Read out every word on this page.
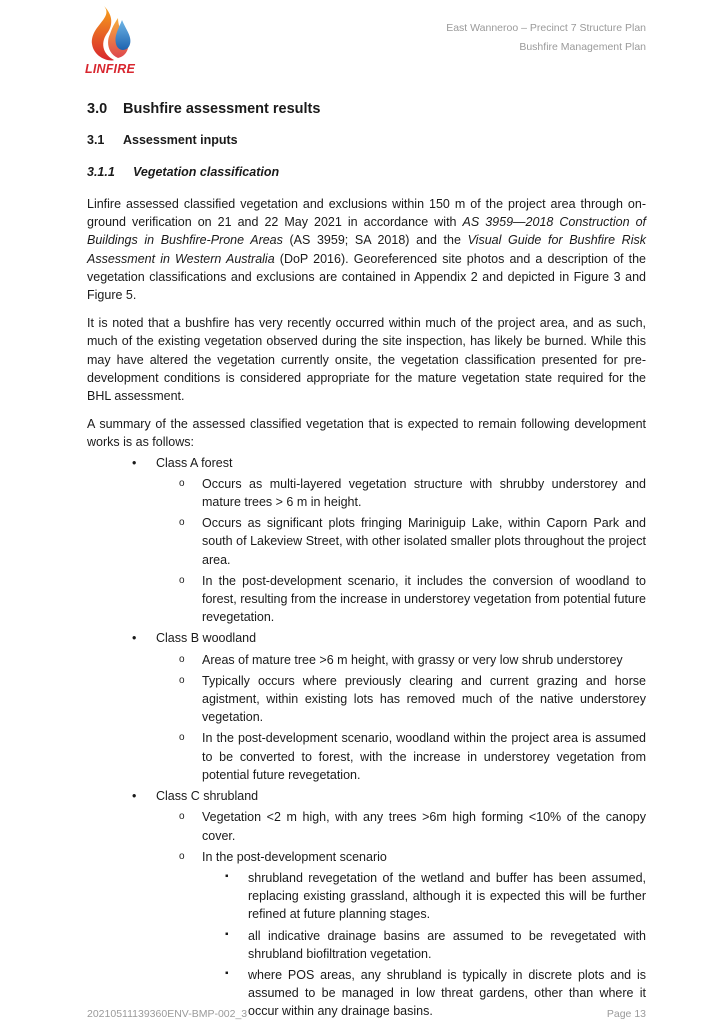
LINFIRE
East Wanneroo – Precinct 7 Structure Plan
Bushfire Management Plan
3.0 Bushfire assessment results
3.1 Assessment inputs
3.1.1 Vegetation classification

Linfire assessed classified vegetation and exclusions within 150 m of the project area through on-ground verification on 21 and 22 May 2021 in accordance with AS 3959—2018 Construction of Buildings in Bushfire-Prone Areas (AS 3959; SA 2018) and the Visual Guide for Bushfire Risk Assessment in Western Australia (DoP 2016). Georeferenced site photos and a description of the vegetation classifications and exclusions are contained in Appendix 2 and depicted in Figure 3 and Figure 5.

It is noted that a bushfire has very recently occurred within much of the project area, and as such, much of the existing vegetation observed during the site inspection, has likely be burned. While this may have altered the vegetation currently onsite, the vegetation classification presented for pre-development conditions is considered appropriate for the mature vegetation state required for the BHL assessment.

A summary of the assessed classified vegetation that is expected to remain following development works is as follows:

• Class A forest
o Occurs as multi-layered vegetation structure with shrubby understorey and mature trees > 6 m in height.
o Occurs as significant plots fringing Mariniguip Lake, within Caporn Park and south of Lakeview Street, with other isolated smaller plots throughout the project area.
o In the post-development scenario, it includes the conversion of woodland to forest, resulting from the increase in understorey vegetation from potential future revegetation.
• Class B woodland
o Areas of mature tree >6 m height, with grassy or very low shrub understorey
o Typically occurs where previously clearing and current grazing and horse agistment, within existing lots has removed much of the native understorey vegetation.
o In the post-development scenario, woodland within the project area is assumed to be converted to forest, with the increase in understorey vegetation from potential future revegetation.
• Class C shrubland
o Vegetation <2 m high, with any trees >6m high forming <10% of the canopy cover.
o In the post-development scenario
▪ shrubland revegetation of the wetland and buffer has been assumed, replacing existing grassland, although it is expected this will be further refined at future planning stages.
▪ all indicative drainage basins are assumed to be revegetated with shrubland biofiltration vegetation.
▪ where POS areas, any shrubland is typically in discrete plots and is assumed to be managed in low threat gardens, other than where it occur within any drainage basins.
20210511139360ENV-BMP-002_3	Page 13
